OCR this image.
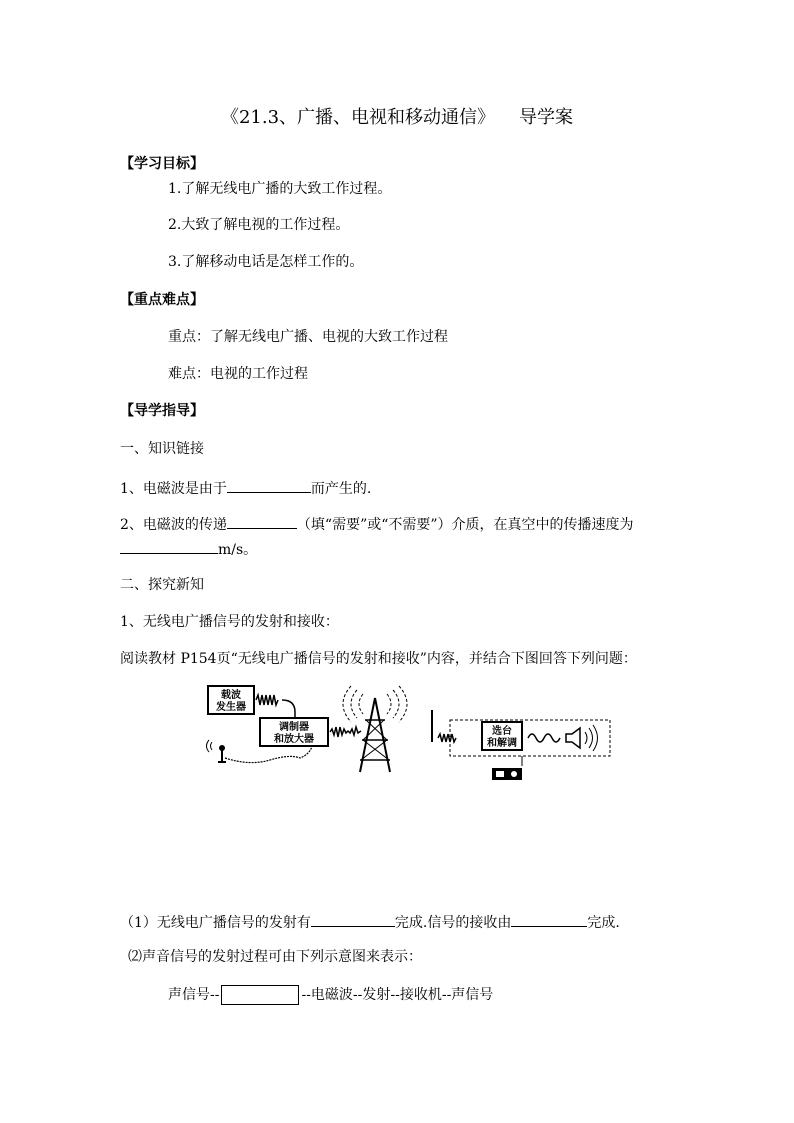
《21.3、广播、电视和移动通信》 导学案
【学习目标】
1.了解无线电广播的大致工作过程。
2.大致了解电视的工作过程。
3.了解移动电话是怎样工作的。
【重点难点】
重点：了解无线电广播、电视的大致工作过程
难点：电视的工作过程
【导学指导】
一、知识链接
1、电磁波是由于	而产生的.
2、电磁波的传递	（填“需要”或“不需要”）介质，在真空中的传播速度为
m/s。
二、探究新知
1、无线电广播信号的发射和接收：
阅读教材 P154页“无线电广播信号的发射和接收”内容，并结合下图回答下列问题：
载波
发生器
调制器
和放大器
选台
和解调
（1）无线电广播信号的发射有	完成.信号的接收由	完成.
⑵声音信号的发射过程可由下列示意图来表示：
声信号--	--电磁波--发射--接收机--声信号
